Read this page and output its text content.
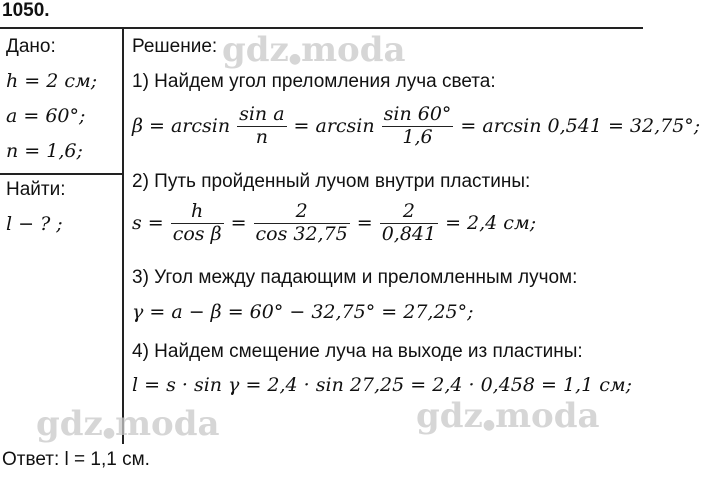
1050.
Дано:
h = 2 см;
a = 60°;
n = 1,6;
Найти:
l − ? ;
Решение:
1) Найдем угол преломления луча света:
$\beta = \arcsin \frac{\text{sin a}}{n} = \arcsin \frac{\sin 60^\circ}{1,6} = \arcsin 0,541 = 32,75^\circ$;
2) Путь пройденный лучом внутри пластины:
$s = \frac{h}{\text{cos β}} = \frac{2}{\cos 32,75} = \frac{2}{0,841} = 2,4$ см;
3) Угол между падающим и преломленным лучом:
γ = a − β = 60° − 32,75° = 27,25°;
4) Найдем смещение луча на выходе из пластины:
l = s · sin γ = 2,4 · sin 27,25 = 2,4 · 0,458 = 1,1 см;
Ответ: l = 1,1 см.
gdz●moda
gdz●moda	gdz●moda
